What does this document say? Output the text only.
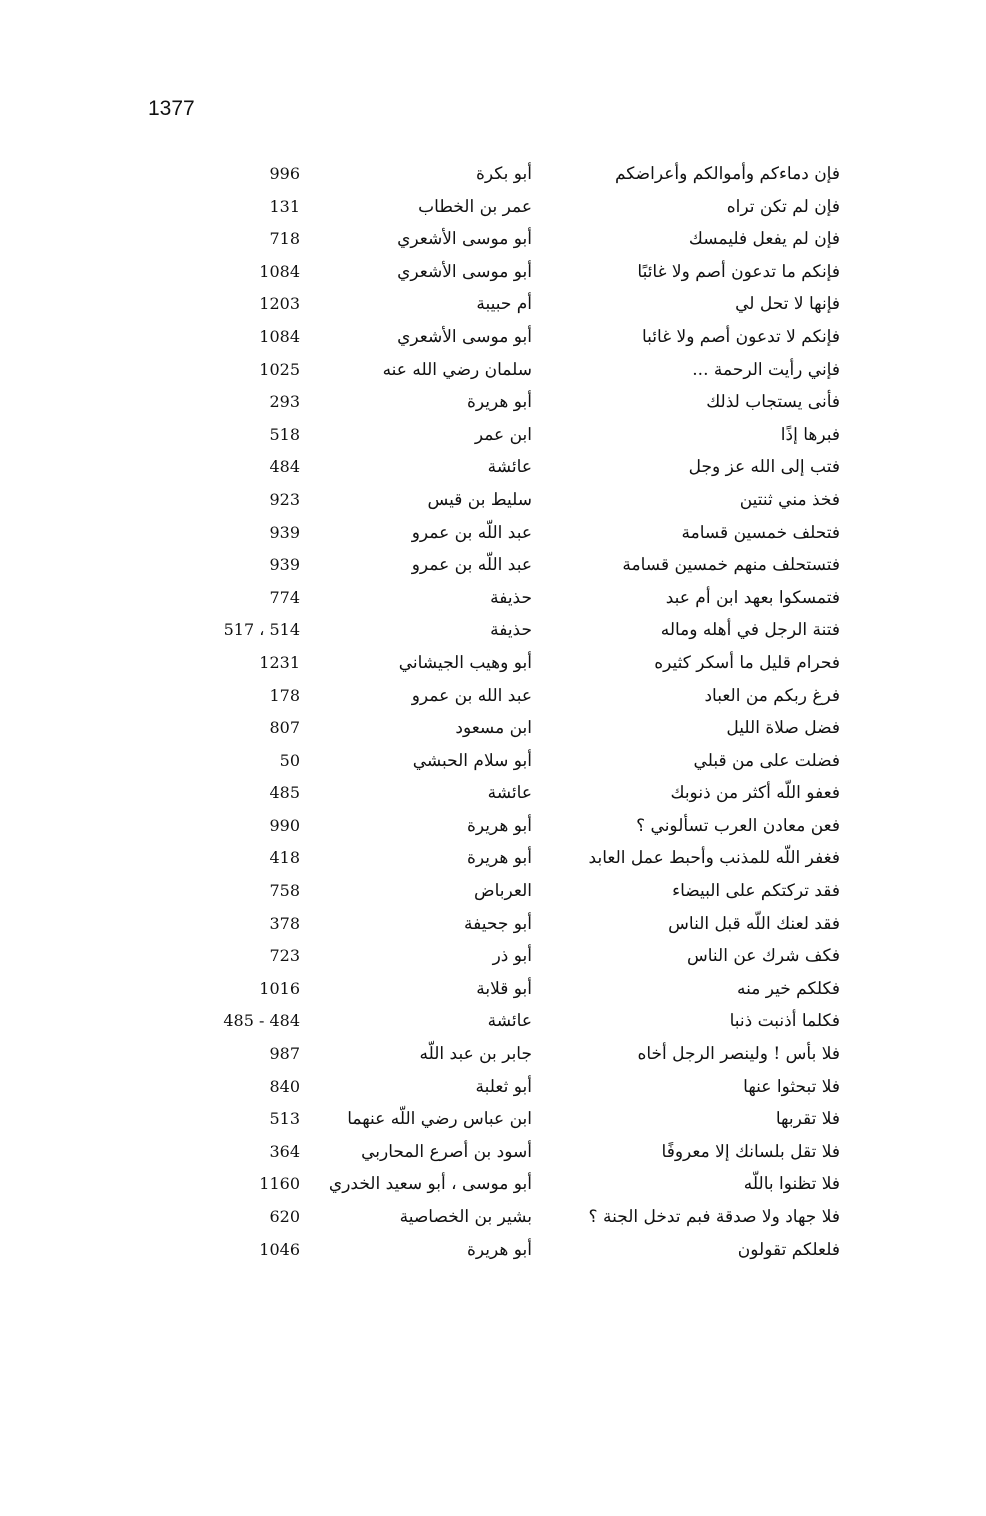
1377
فإن دماءكم وأموالكم وأعراضكم
أبو بكرة
996
فإن لم تكن تراه
عمر بن الخطاب
131
فإن لم يفعل فليمسك
أبو موسى الأشعري
718
فإنكم ما تدعون أصم ولا غائبًا
أبو موسى الأشعري
1084
فإنها لا تحل لي
أم حبيبة
1203
فإنكم لا تدعون أصم ولا غائبا
أبو موسى الأشعري
1084
فإني رأيت الرحمة ...
سلمان رضي الله عنه
1025
فأنى يستجاب لذلك
أبو هريرة
293
فبرها إذًا
ابن عمر
518
فتب إلى الله عز وجل
عائشة
484
فخذ مني ثنتين
سليط بن قيس
923
فتحلف خمسين قسامة
عبد اللّه بن عمرو
939
فتستحلف منهم خمسين قسامة
عبد اللّه بن عمرو
939
فتمسكوا بعهد ابن أم عبد
حذيفة
774
فتنة الرجل في أهله وماله
حذيفة
517 ، 514
فحرام قليل ما أسكر كثيره
أبو وهيب الجيشاني
1231
فرغ ربكم من العباد
عبد الله بن عمرو
178
فضل صلاة الليل
ابن مسعود
807
فضلت على من قبلي
أبو سلام الحبشي
50
فعفو اللّه أكثر من ذنوبك
عائشة
485
فعن معادن العرب تسألوني ؟
أبو هريرة
990
فغفر اللّه للمذنب وأحبط عمل العابد
أبو هريرة
418
فقد تركتكم على البيضاء
العرباض
758
فقد لعنك اللّه قبل الناس
أبو جحيفة
378
فكف شرك عن الناس
أبو ذر
723
فكلكم خير منه
أبو قلابة
1016
فكلما أذنبت ذنبا
عائشة
485 - 484
فلا بأس ! ولينصر الرجل أخاه
جابر بن عبد اللّه
987
فلا تبحثوا عنها
أبو ثعلبة
840
فلا تقربها
ابن عباس رضي اللّه عنهما
513
فلا تقل بلسانك إلا معروفًا
أسود بن أصرع المحاربي
364
فلا تظنوا باللّه
أبو موسى ، أبو سعيد الخدري
1160
فلا جهاد ولا صدقة فبم تدخل الجنة ؟
بشير بن الخصاصية
620
فلعلكم تقولون
أبو هريرة
1046
